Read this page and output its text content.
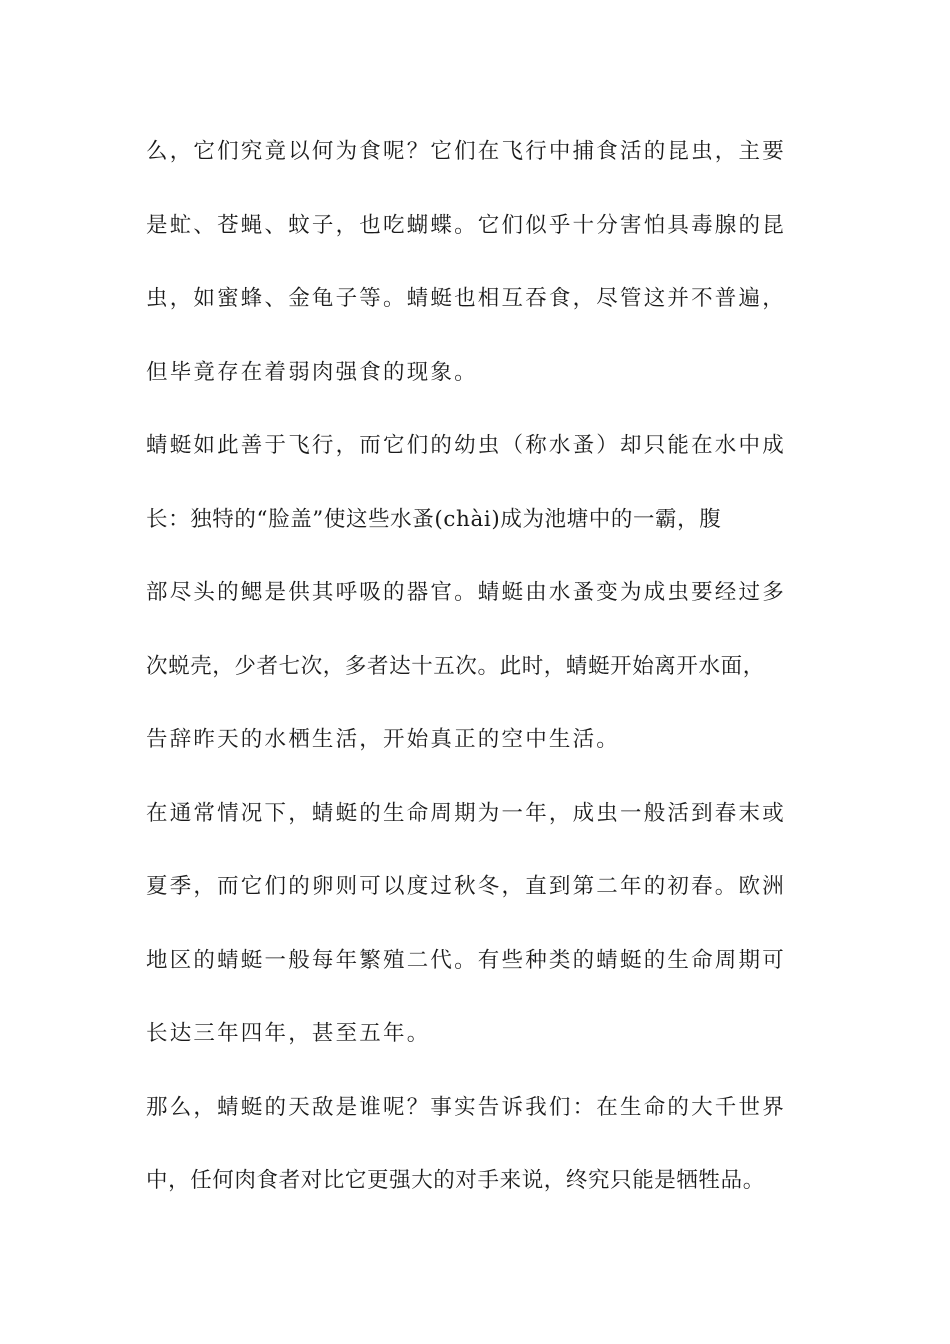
么，它们究竟以何为食呢？它们在飞行中捕食活的昆虫，主要
是虻、苍蝇、蚊子，也吃蝴蝶。它们似乎十分害怕具毒腺的昆
虫，如蜜蜂、金龟子等。蜻蜓也相互吞食，尽管这并不普遍，
但毕竟存在着弱肉强食的现象。
蜻蜓如此善于飞行，而它们的幼虫（称水蚤）却只能在水中成
长：独特的“脸盖”使这些水蚤(chàі)成为池塘中的一霸，腹
部尽头的鳃是供其呼吸的器官。蜻蜓由水蚤变为成虫要经过多
次蜕壳，少者七次，多者达十五次。此时，蜻蜓开始离开水面，
告辞昨天的水栖生活，开始真正的空中生活。
在通常情况下，蜻蜓的生命周期为一年，成虫一般活到春末或
夏季，而它们的卵则可以度过秋冬，直到第二年的初春。欧洲
地区的蜻蜓一般每年繁殖二代。有些种类的蜻蜓的生命周期可
长达三年四年，甚至五年。
那么，蜻蜓的天敌是谁呢？事实告诉我们：在生命的大千世界
中，任何肉食者对比它更强大的对手来说，终究只能是牺牲品。
